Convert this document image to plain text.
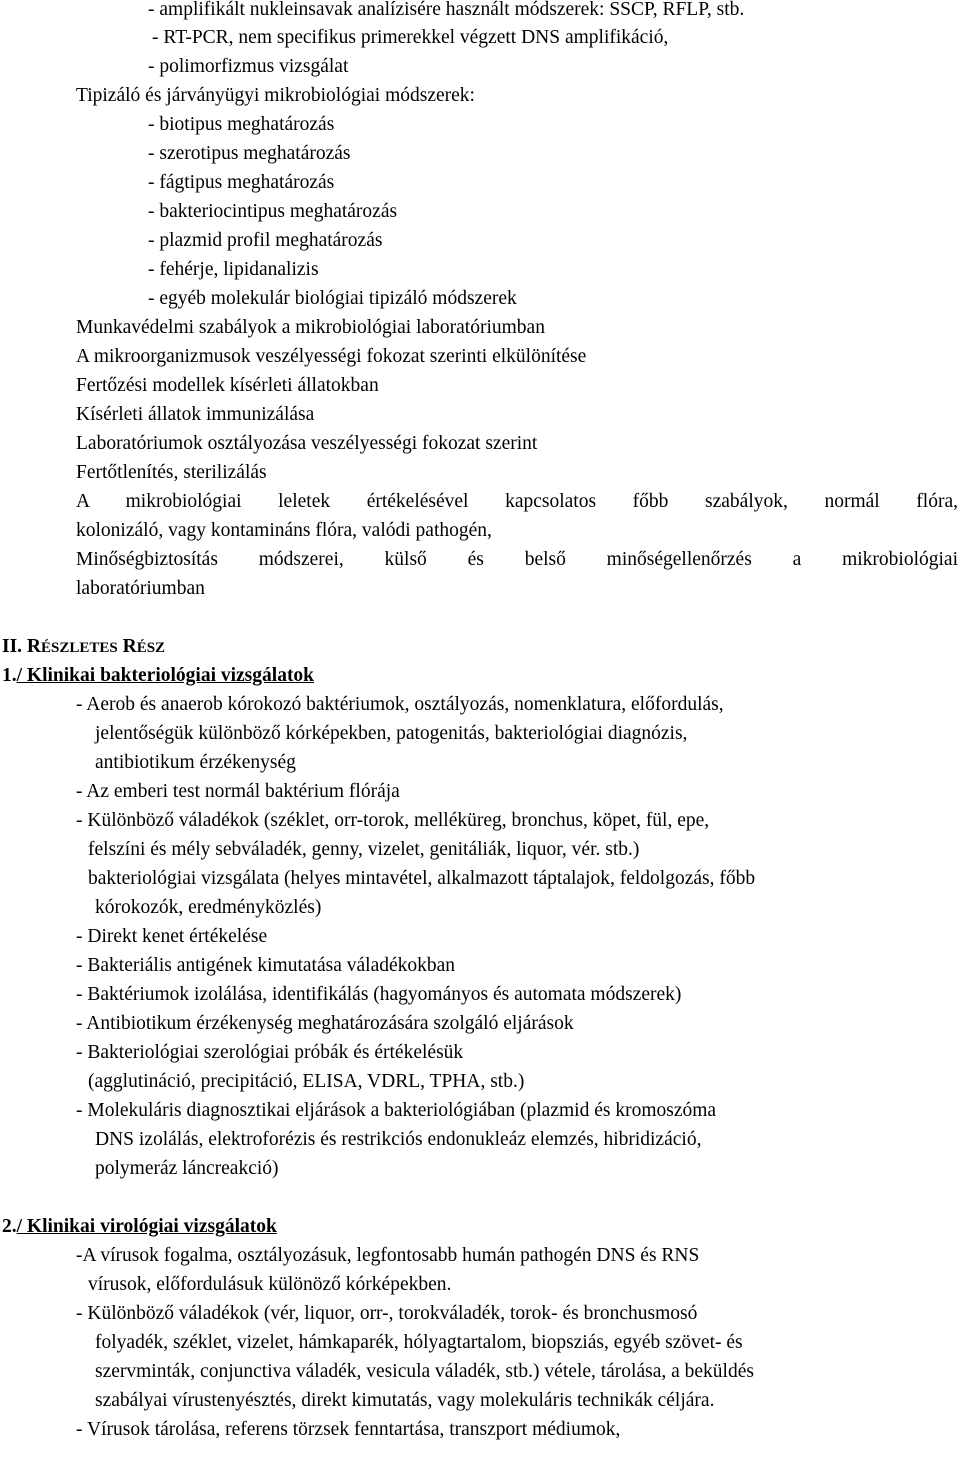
- amplifikált nukleinsavak analízisére használt módszerek: SSCP, RFLP, stb.
- RT-PCR, nem specifikus primerekkel végzett DNS amplifikáció,
- polimorfizmus vizsgálat
Tipizáló és járványügyi mikrobiológiai módszerek:
- biotipus meghatározás
- szerotipus meghatározás
- fágtipus meghatározás
- bakteriocintipus meghatározás
- plazmid profil meghatározás
- fehérje, lipidanalizis
- egyéb molekulár biológiai tipizáló módszerek
Munkavédelmi szabályok a mikrobiológiai laboratóriumban
A mikroorganizmusok veszélyességi fokozat szerinti elkülönítése
Fertőzési modellek kísérleti állatokban
Kísérleti állatok immunizálása
Laboratóriumok osztályozása veszélyességi fokozat szerint
Fertőtlenítés, sterilizálás
A mikrobiológiai leletek értékelésével kapcsolatos főbb szabályok, normál flóra,
kolonizáló, vagy kontamináns flóra, valódi pathogén,
Minőségbiztosítás módszerei, külső és belső minőségellenőrzés a mikrobiológiai
laboratóriumban
II. RÉSZLETES RÉSZ
1./ Klinikai bakteriológiai vizsgálatok
- Aerob és anaerob kórokozó baktériumok, osztályozás, nomenklatura, előfordulás,
jelentőségük különböző kórképekben, patogenitás, bakteriológiai diagnózis,
antibiotikum érzékenység
- Az emberi test normál baktérium flórája
- Különböző váladékok (széklet, orr-torok, melléküreg, bronchus, köpet, fül, epe,
felszíni és mély sebváladék, genny, vizelet, genitáliák, liquor, vér. stb.)
bakteriológiai vizsgálata (helyes mintavétel, alkalmazott táptalajok, feldolgozás, főbb
kórokozók, eredményközlés)
- Direkt kenet értékelése
- Bakteriális antigének kimutatása váladékokban
- Baktériumok izolálása, identifikálás (hagyományos és automata módszerek)
- Antibiotikum érzékenység meghatározására szolgáló eljárások
- Bakteriológiai szerológiai próbák és értékelésük
(agglutináció, precipitáció, ELISA, VDRL, TPHA, stb.)
- Molekuláris diagnosztikai eljárások a bakteriológiában (plazmid és kromoszóma
DNS izolálás, elektroforézis és restrikciós endonukleáz elemzés, hibridizáció,
polymeráz láncreakció)
2./ Klinikai virológiai vizsgálatok
-A vírusok fogalma, osztályozásuk, legfontosabb humán pathogén DNS és RNS
vírusok, előfordulásuk különöző kórképekben.
- Különböző váladékok (vér, liquor, orr-, torokváladék, torok- és bronchusmosó
folyadék, széklet, vizelet, hámkaparék, hólyagtartalom, biopsziás, egyéb szövet- és
szervminták, conjunctiva váladék, vesicula váladék, stb.) vétele, tárolása, a beküldés
szabályai vírustenyésztés, direkt kimutatás, vagy molekuláris technikák céljára.
- Vírusok tárolása, referens törzsek fenntartása, transzport médiumok,
